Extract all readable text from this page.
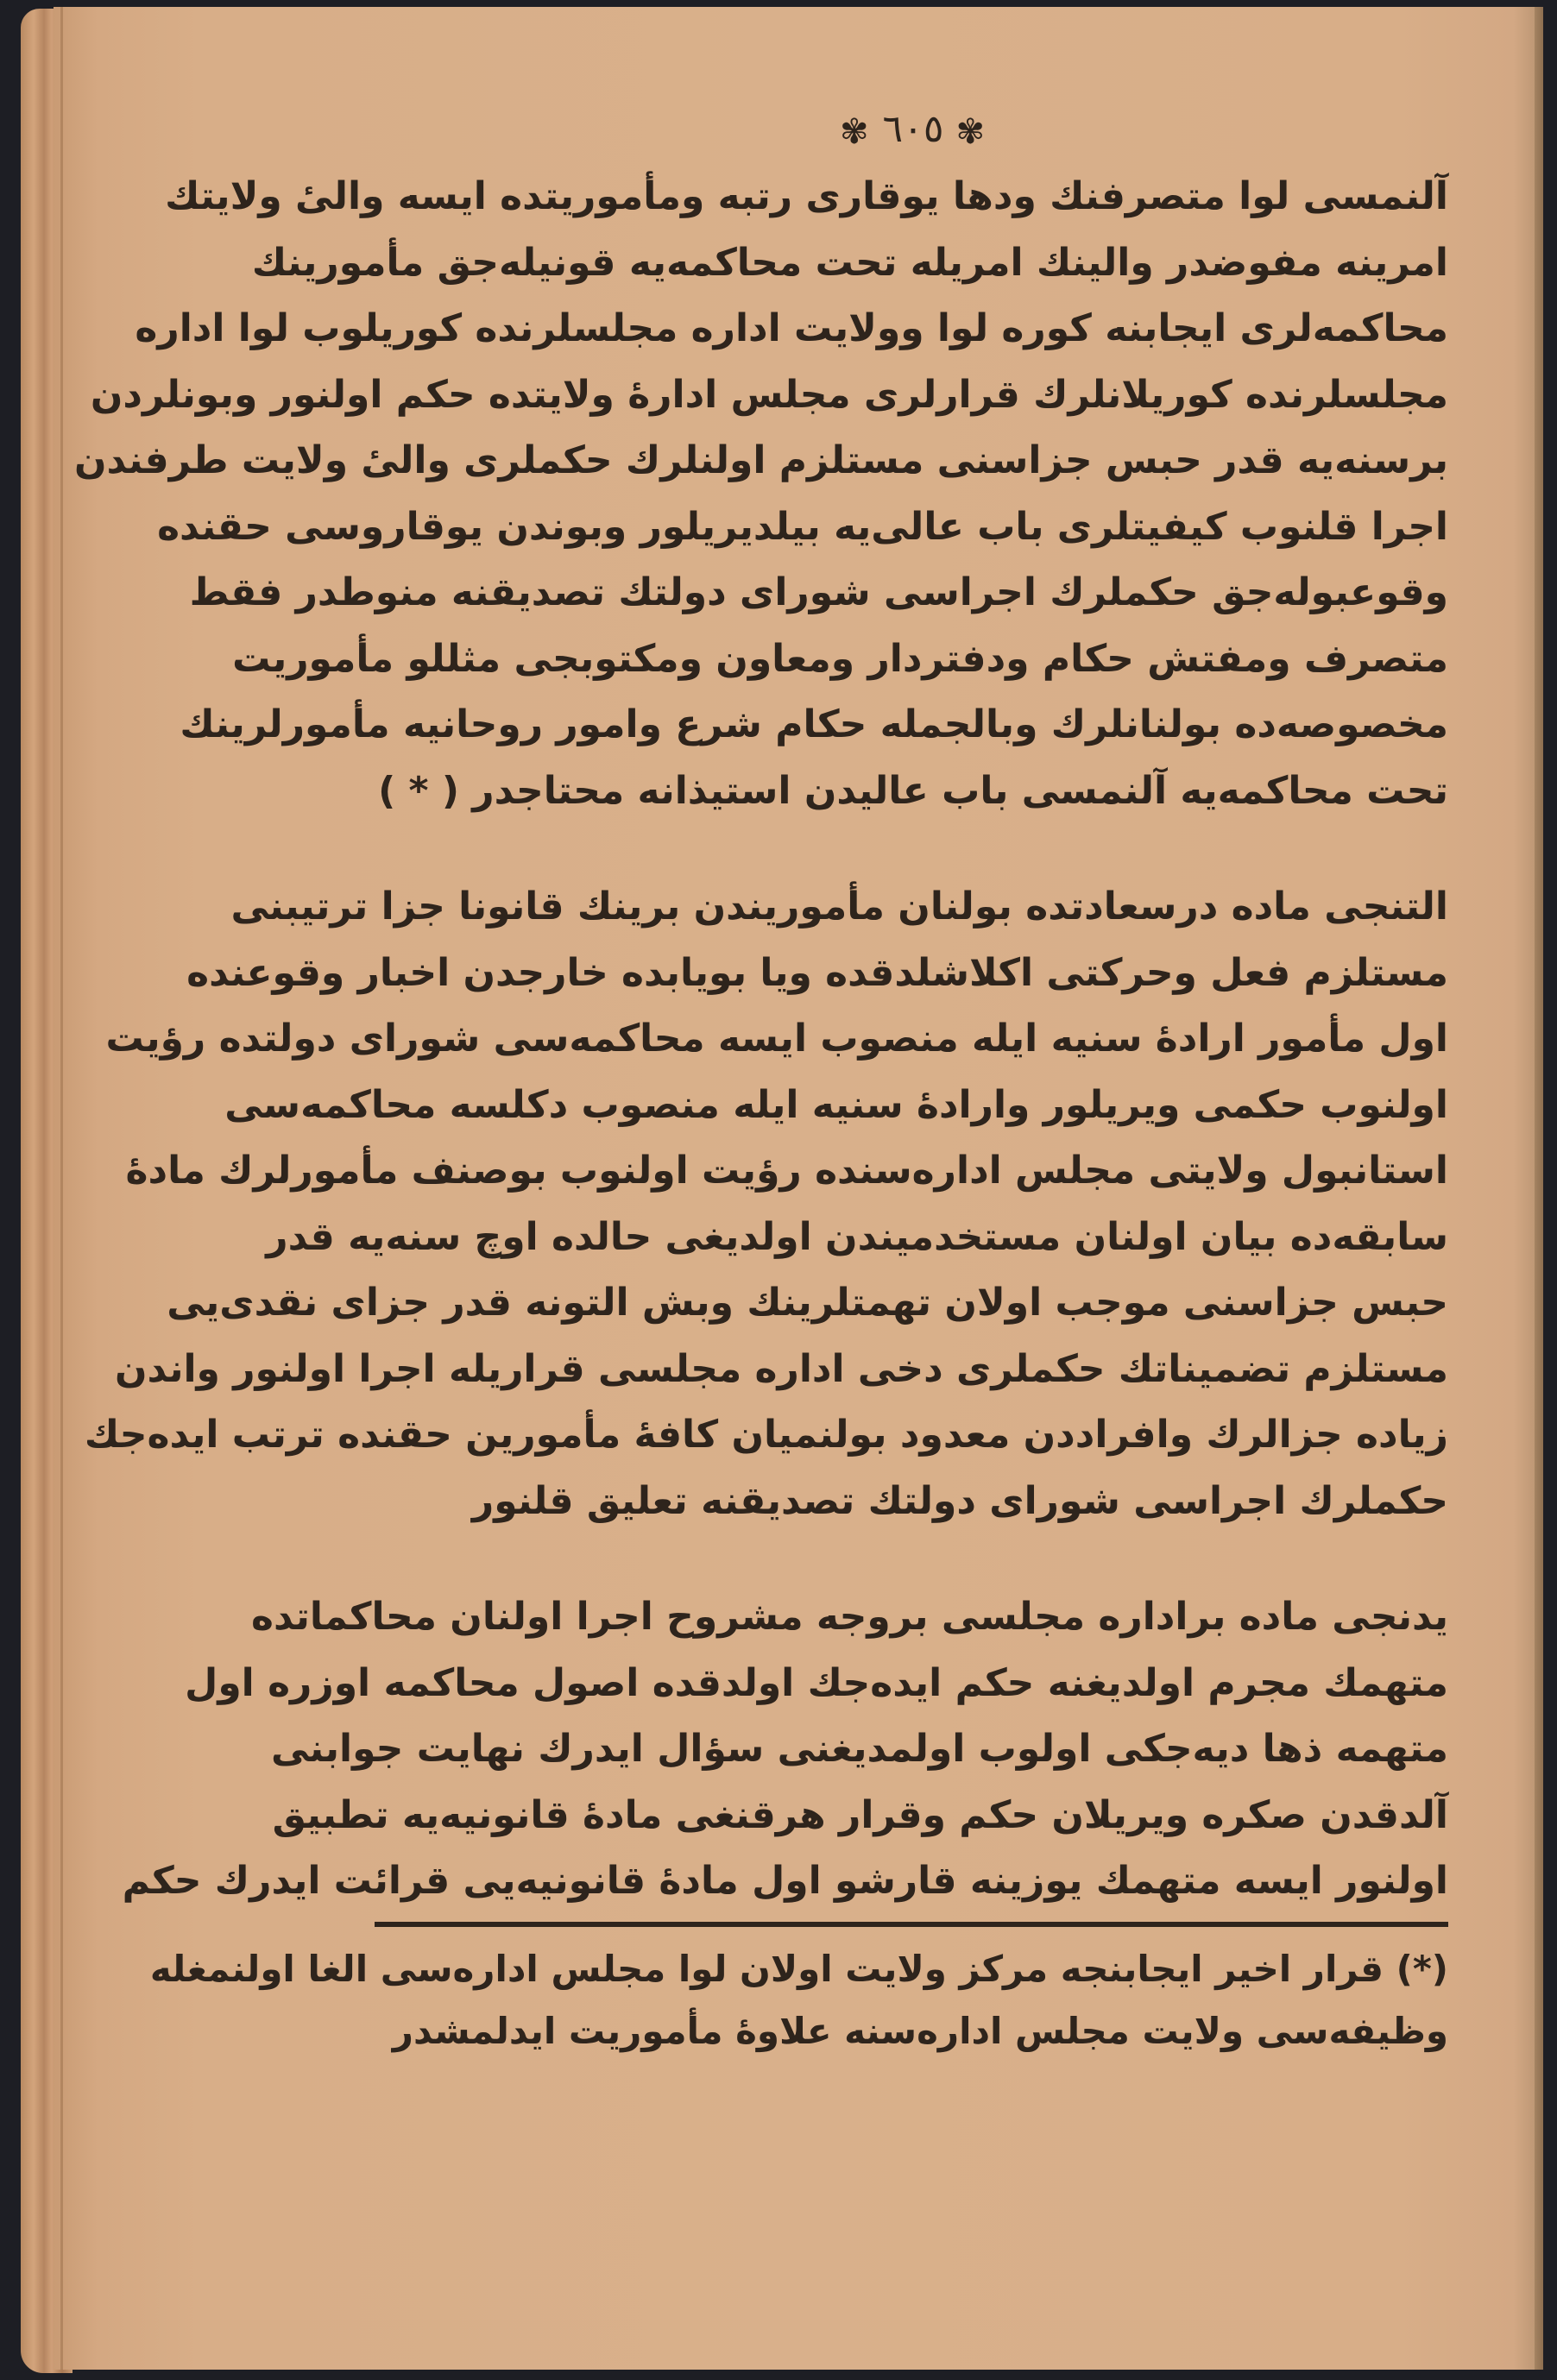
✾ ٦٠٥ ✾
آلنمسی لوا متصرفنك ودها یوقاری رتبه ومأموریتده ایسه والیٔ ولایتك
امرینه مفوضدر والینك امریله تحت محاکمه‌یه قونیله‌جق مأمورینك
محاکمه‌لری ایجابنه کوره لوا وولایت اداره مجلسلرنده کوریلوب لوا اداره
مجلسلرنده کوریلانلرك قرارلری مجلس ادارهٔ ولایتده حکم اولنور وبونلردن
برسنه‌یه قدر حبس جزاسنی مستلزم اولنلرك حکملری والیٔ ولایت طرفندن
اجرا قلنوب کیفیتلری باب عالی‌یه بیلدیریلور وبوندن یوقاروسی حقنده
وقوعبوله‌جق حکملرك اجراسی شورای دولتك تصدیقنه منوطدر فقط
متصرف ومفتش حکام ودفتردار ومعاون ومکتوبجی مثللو مأموریت
مخصوصه‌ده بولنانلرك وبالجمله حکام شرع وامور روحانیه مأمورلرینك
تحت محاکمه‌یه آلنمسی باب عالیدن استیذانه محتاجدر ( * )
التنجی ماده درسعادتده بولنان مأموریندن برینك قانونا جزا ترتیبنی
مستلزم فعل وحرکتی اکلاشلدقده ویا بویابده خارجدن اخبار وقوعنده
اول مأمور ارادهٔ سنیه ایله منصوب ایسه محاکمه‌سی شورای دولتده رؤیت
اولنوب حکمی ویریلور وارادهٔ سنیه ایله منصوب دکلسه محاکمه‌سی
استانبول ولایتی مجلس اداره‌سنده رؤیت اولنوب بوصنف مأمورلرك مادهٔ
سابقه‌ده بیان اولنان مستخدمیندن اولدیغی حالده اوچ سنه‌یه قدر
حبس جزاسنی موجب اولان تهمتلرینك وبش التونه قدر جزای نقدی‌یی
مستلزم تضمیناتك حکملری دخی اداره مجلسی قراریله اجرا اولنور واندن
زیاده جزالرك وافراددن معدود بولنمیان کافهٔ مأمورین حقنده ترتب ایده‌جك
حکملرك اجراسی شورای دولتك تصدیقنه تعلیق قلنور
یدنجی ماده براداره مجلسی بروجه مشروح اجرا اولنان محاکماتده
متهمك مجرم اولدیغنه حکم ایده‌جك اولدقده اصول محاکمه اوزره اول
متهمه ذها دیه‌جکی اولوب اولمدیغنی سؤال ایدرك نهایت جوابنی
آلدقدن صکره ویریلان حکم وقرار هرقنغی مادهٔ قانونیه‌یه تطبیق
اولنور ایسه متهمك یوزینه قارشو اول مادهٔ قانونیه‌یی قرائت ایدرك حکم
(*) قرار اخیر ایجابنجه مرکز ولایت اولان لوا مجلس اداره‌سی الغا اولنمغله
وظیفه‌سی ولایت مجلس اداره‌سنه علاوهٔ مأموریت ایدلمشدر
